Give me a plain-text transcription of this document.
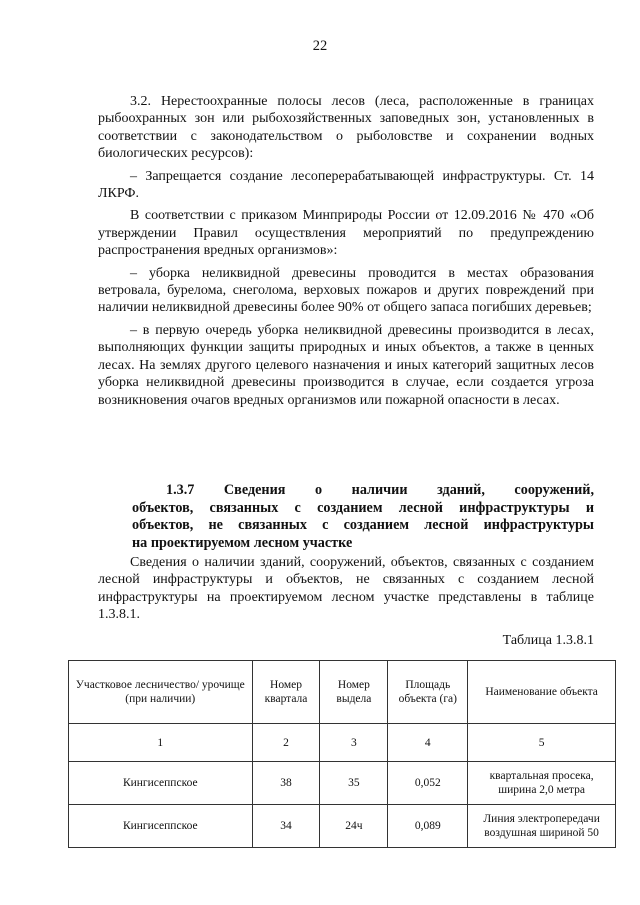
22

3.2. Нерестоохранные полосы лесов (леса, расположенные в границах рыбоохранных зон или рыбохозяйственных заповедных зон, установленных в соответствии с законодательством о рыболовстве и сохранении водных биологических ресурсов):

– Запрещается создание лесоперерабатывающей инфраструктуры. Ст. 14 ЛКРФ.

В соответствии с приказом Минприроды России от 12.09.2016 № 470 «Об утверждении Правил осуществления мероприятий по предупреждению распространения вредных организмов»:

– уборка неликвидной древесины проводится в местах образования ветровала, бурелома, снеголома, верховых пожаров и других повреждений при наличии неликвидной древесины более 90% от общего запаса погибших деревьев;

– в первую очередь уборка неликвидной древесины производится в лесах, выполняющих функции защиты природных и иных объектов, а также в ценных лесах. На землях другого целевого назначения и иных категорий защитных лесов уборка неликвидной древесины производится в случае, если создается угроза возникновения очагов вредных организмов или пожарной опасности в лесах.

1.3.7 Сведения о наличии зданий, сооружений,
объектов, связанных с созданием лесной инфраструктуры и
объектов, не связанных с созданием лесной инфраструктуры
на проектируемом лесном участке

Сведения о наличии зданий, сооружений, объектов, связанных с созданием лесной инфраструктуры и объектов, не связанных с созданием лесной инфраструктуры на проектируемом лесном участке представлены в таблице 1.3.8.1.

Таблица 1.3.8.1
Участковое лесничество/ урочище (при наличии)	Номер квартала	Номер выдела	Площадь объекта (га)	Наименование объекта
1	2	3	4	5
Кингисеппское	38	35	0,052	квартальная просека, ширина 2,0 метра
Кингисеппское	34	24ч	0,089	Линия электропередачи воздушная шириной 50
